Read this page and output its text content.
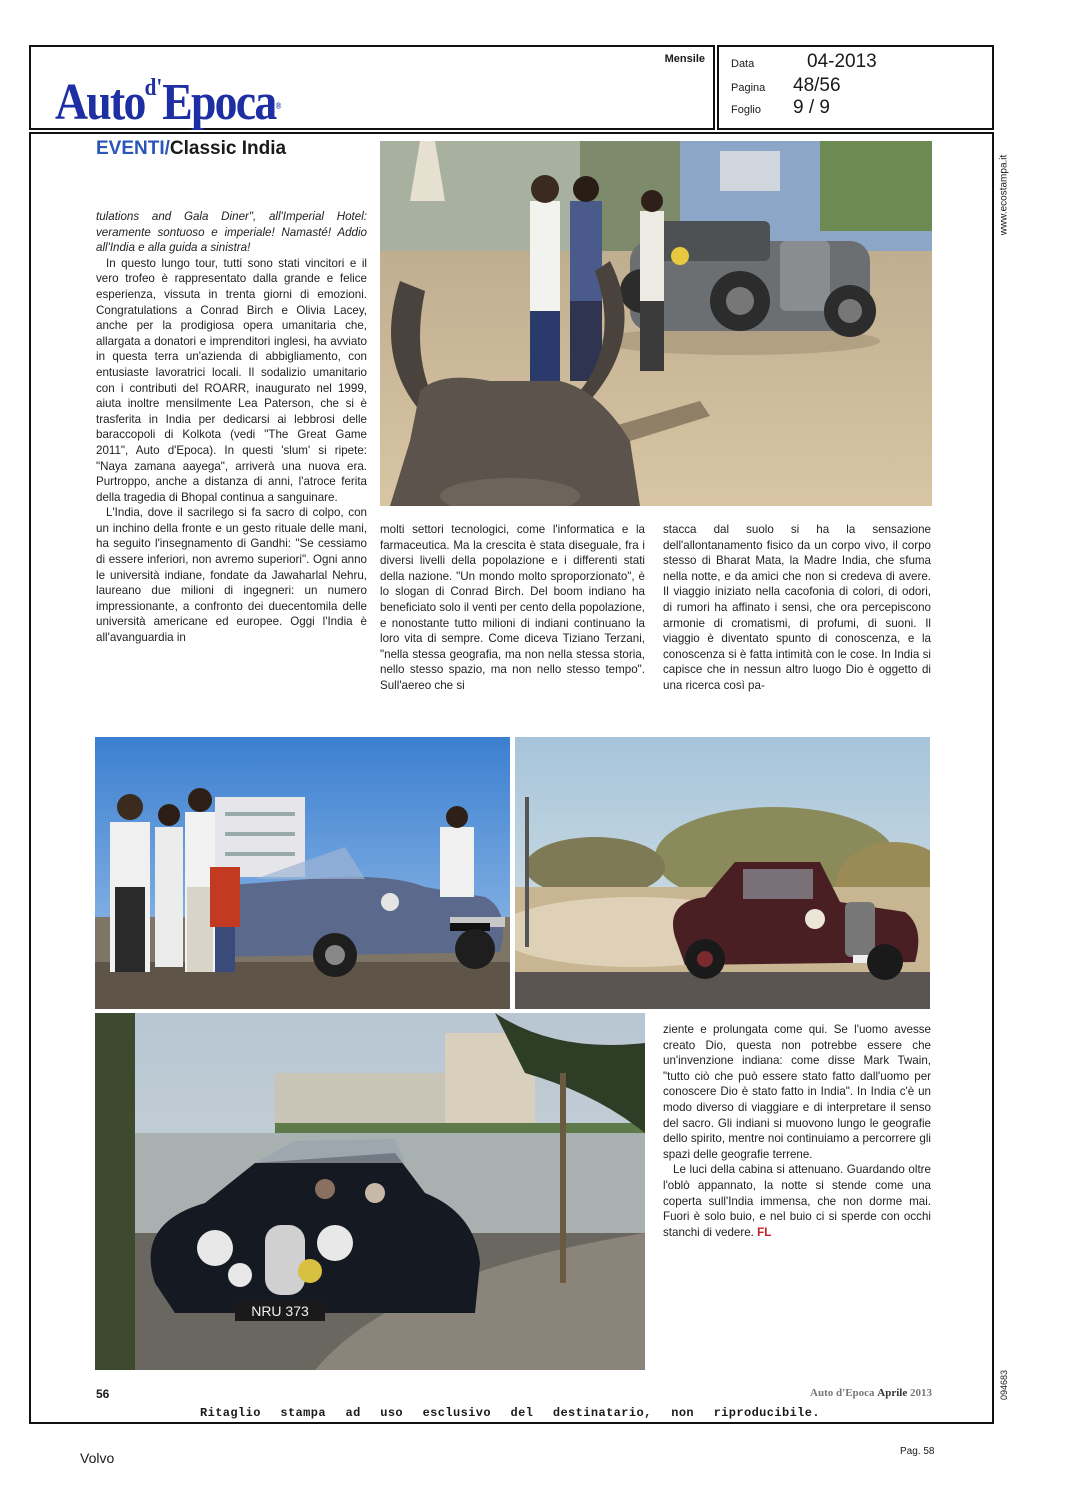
Auto$^{d'}$Epoca®
Mensile Data	04-2013
Pagina	48/56
Foglio	9 / 9
EVENTI/Classic India

tulations and Gala Diner", all'Imperial Hotel: veramente sontuoso e imperiale! Namasté! Addio all'India e alla guida a sinistra!

In questo lungo tour, tutti sono stati vincitori e il vero trofeo è rappresentato dalla grande e felice esperienza, vissuta in trenta giorni di emozioni. Congratulations a Conrad Birch e Olivia Lacey, anche per la prodigiosa opera umanitaria che, allargata a donatori e imprenditori inglesi, ha avviato in questa terra un'azienda di abbigliamento, con entusiaste lavoratrici locali. Il sodalizio umanitario con i contributi del ROARR, inaugurato nel 1999, aiuta inoltre mensilmente Lea Paterson, che si è trasferita in India per dedicarsi ai lebbrosi delle baraccopoli di Kolkota (vedi "The Great Game 2011", Auto d'Epoca). In questi 'slum' si ripete: "Naya zamana aayega", arriverà una nuova era. Purtroppo, anche a distanza di anni, l'atroce ferita della tragedia di Bhopal continua a sanguinare.

L'India, dove il sacrilego si fa sacro di colpo, con un inchino della fronte e un gesto rituale delle mani, ha seguito l'insegnamento di Gandhi: "Se cessiamo di essere inferiori, non avremo superiori". Ogni anno le università indiane, fondate da Jawaharlal Nehru, laureano due milioni di ingegneri: un numero impressionante, a confronto dei duecentomila delle università americane ed europee. Oggi l'India è all'avanguardia in

molti settori tecnologici, come l'informatica e la farmaceutica. Ma la crescita è stata diseguale, fra i diversi livelli della popolazione e i differenti stati della nazione. "Un mondo molto sproporzionato", è lo slogan di Conrad Birch. Del boom indiano ha beneficiato solo il venti per cento della popolazione, e nonostante tutto milioni di indiani continuano la loro vita di sempre. Come diceva Tiziano Terzani, "nella stessa geografia, ma non nella stessa storia, nello stesso spazio, ma non nello stesso tempo". Sull'aereo che si

stacca dal suolo si ha la sensazione dell'allontanamento fisico da un corpo vivo, il corpo stesso di Bharat Mata, la Madre India, che sfuma nella notte, e da amici che non si credeva di avere. Il viaggio iniziato nella cacofonia di colori, di odori, di rumori ha affinato i sensi, che ora percepiscono armonie di cromatismi, di profumi, di suoni. Il viaggio è diventato spunto di conoscenza, e la conoscenza si è fatta intimità con le cose. In India si capisce che in nessun altro luogo Dio è oggetto di una ricerca così pa-

ziente e prolungata come qui. Se l'uomo avesse creato Dio, questa non potrebbe essere che un'invenzione indiana: come disse Mark Twain, "tutto ciò che può essere stato fatto dall'uomo per conoscere Dio è stato fatto in India". In India c'è un modo diverso di viaggiare e di interpretare il senso del sacro. Gli indiani si muovono lungo le geografie dello spirito, mentre noi continuiamo a percorrere gli spazi delle geografie terrene.

Le luci della cabina si attenuano. Guardando oltre l'oblò appannato, la notte si stende come una coperta sull'India immensa, che non dorme mai. Fuori è solo buio, e nel buio ci si sperde con occhi stanchi di vedere. FL

NRU 373
56	Auto d'Epoca Aprile 2013
Ritaglio stampa ad uso esclusivo del destinatario, non riproducibile.
www.ecostampa.it
094683
Volvo	Pag. 58
